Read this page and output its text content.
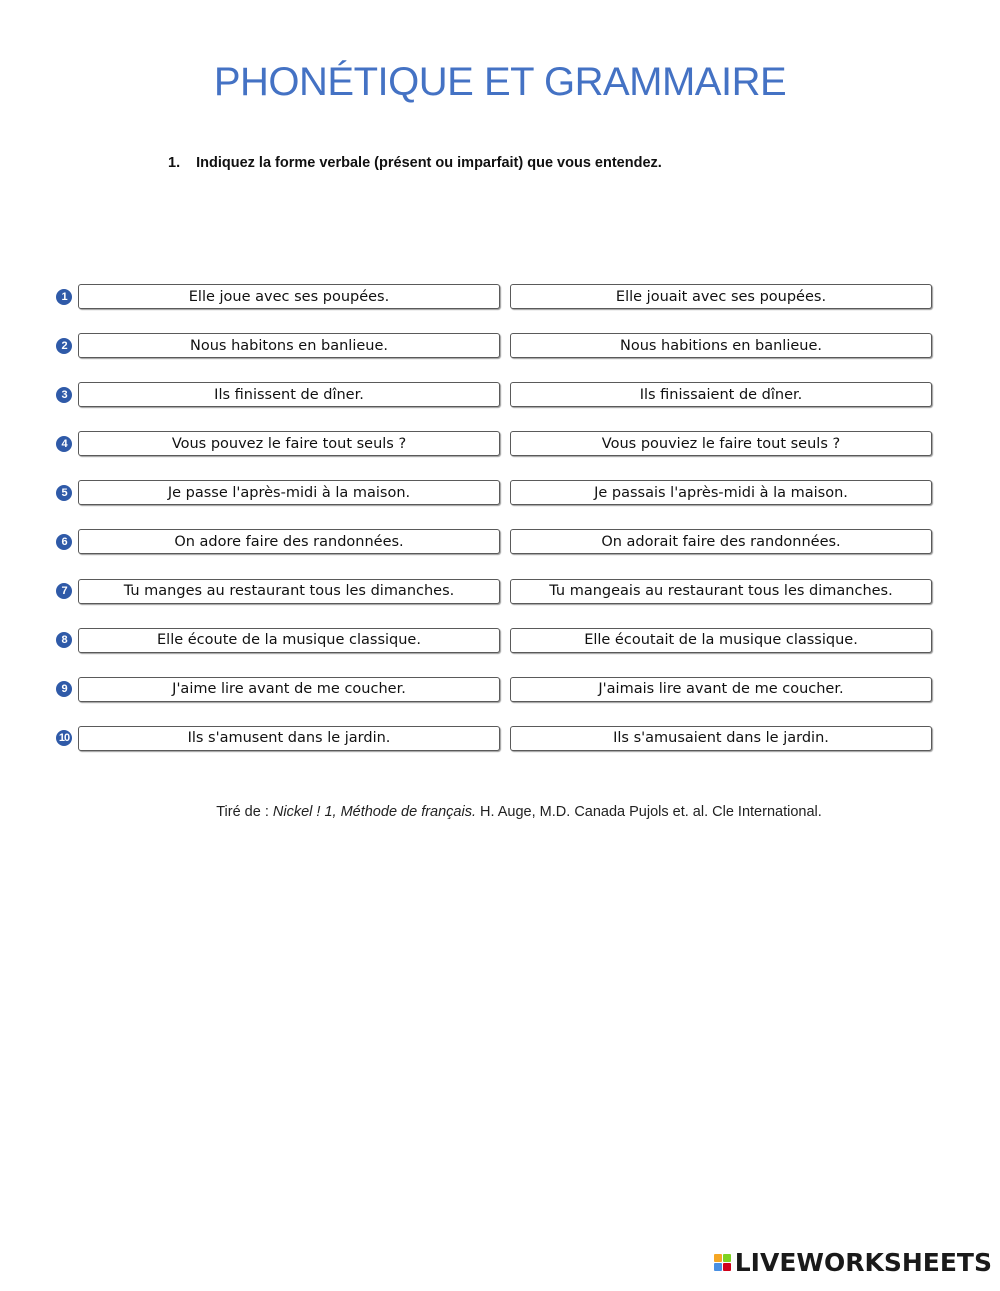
PHONÉTIQUE ET GRAMMAIRE
1. Indiquez la forme verbale (présent ou imparfait) que vous entendez.
1	Elle joue avec ses poupées.	Elle jouait avec ses poupées.
2	Nous habitons en banlieue.	Nous habitions en banlieue.
3	Ils finissent de dîner.	Ils finissaient de dîner.
4	Vous pouvez le faire tout seuls ?	Vous pouviez le faire tout seuls ?
5	Je passe l'après-midi à la maison.	Je passais l'après-midi à la maison.
6	On adore faire des randonnées.	On adorait faire des randonnées.
7	Tu manges au restaurant tous les dimanches.	Tu mangeais au restaurant tous les dimanches.
8	Elle écoute de la musique classique.	Elle écoutait de la musique classique.
9	J'aime lire avant de me coucher.	J'aimais lire avant de me coucher.
10	Ils s'amusent dans le jardin.	Ils s'amusaient dans le jardin.
Tiré de : Nickel ! 1, Méthode de français. H. Auge, M.D. Canada Pujols et. al. Cle International.
LIVEWORKSHEETS
